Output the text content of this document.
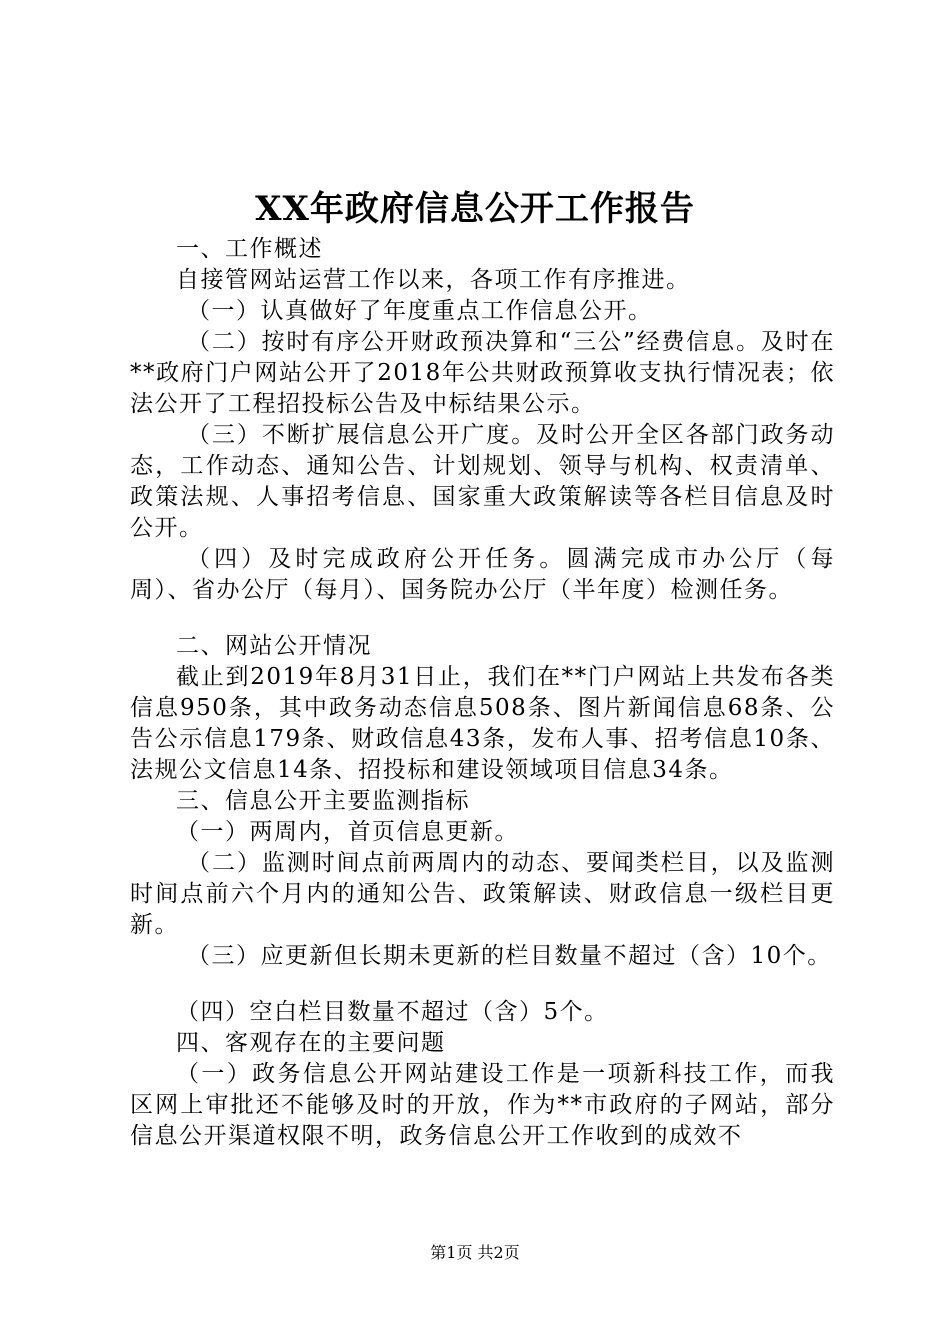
XX年政府信息公开工作报告

一、工作概述

自接管网站运营工作以来，各项工作有序推进。

（一）认真做好了年度重点工作信息公开。

（二）按时有序公开财政预决算和“三公”经费信息。及时在**政府门户网站公开了2018年公共财政预算收支执行情况表；依法公开了工程招投标公告及中标结果公示。

（三）不断扩展信息公开广度。及时公开全区各部门政务动态，工作动态、通知公告、计划规划、领导与机构、权责清单、政策法规、人事招考信息、国家重大政策解读等各栏目信息及时公开。

（四）及时完成政府公开任务。圆满完成市办公厅（每周）、省办公厅（每月）、国务院办公厅（半年度）检测任务。

二、网站公开情况

截止到2019年8月31日止，我们在**门户网站上共发布各类信息950条，其中政务动态信息508条、图片新闻信息68条、公告公示信息179条、财政信息43条，发布人事、招考信息10条、法规公文信息14条、招投标和建设领域项目信息34条。

三、信息公开主要监测指标

（一）两周内，首页信息更新。

（二）监测时间点前两周内的动态、要闻类栏目，以及监测时间点前六个月内的通知公告、政策解读、财政信息一级栏目更新。

（三）应更新但长期未更新的栏目数量不超过（含）10个。

（四）空白栏目数量不超过（含）5个。

四、客观存在的主要问题

（一）政务信息公开网站建设工作是一项新科技工作，而我区网上审批还不能够及时的开放，作为**市政府的子网站，部分信息公开渠道权限不明，政务信息公开工作收到的成效不

第1页 共2页
